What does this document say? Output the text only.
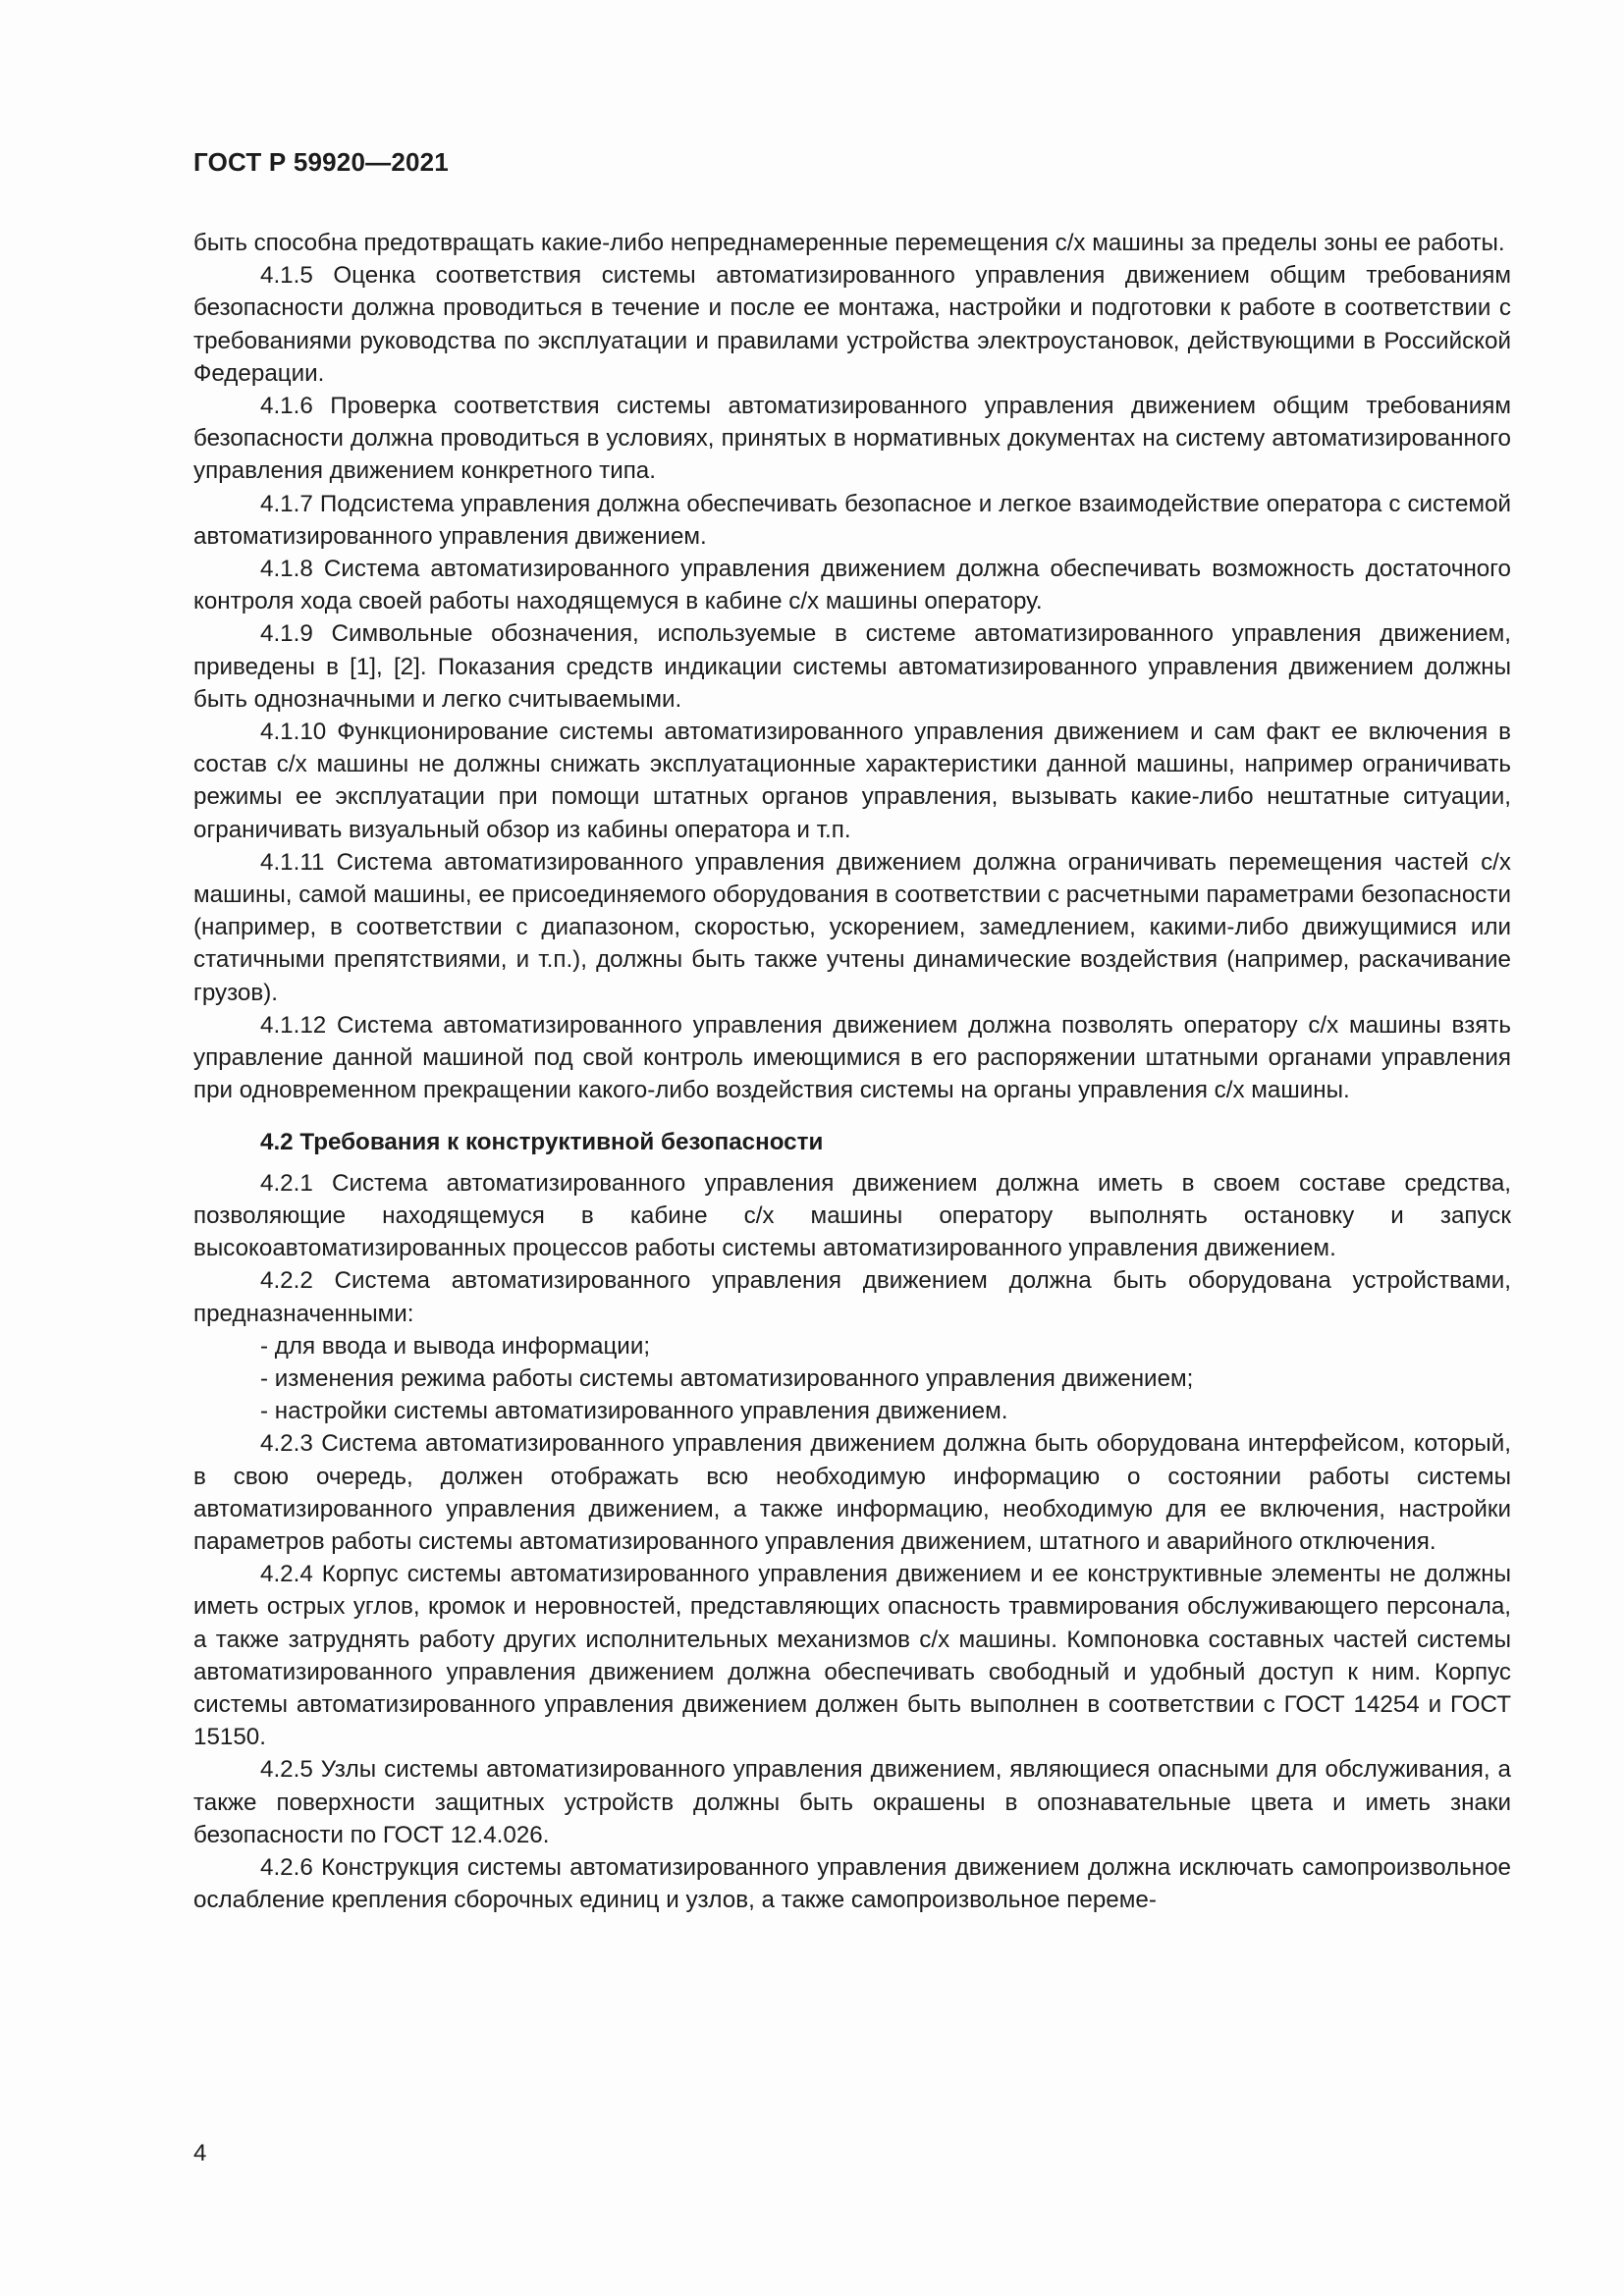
ГОСТ Р 59920—2021

быть способна предотвращать какие-либо непреднамеренные перемещения с/х машины за пределы зоны ее работы.

4.1.5 Оценка соответствия системы автоматизированного управления движением общим требованиям безопасности должна проводиться в течение и после ее монтажа, настройки и подготовки к работе в соответствии с требованиями руководства по эксплуатации и правилами устройства электроустановок, действующими в Российской Федерации.

4.1.6 Проверка соответствия системы автоматизированного управления движением общим требованиям безопасности должна проводиться в условиях, принятых в нормативных документах на систему автоматизированного управления движением конкретного типа.

4.1.7 Подсистема управления должна обеспечивать безопасное и легкое взаимодействие оператора с системой автоматизированного управления движением.

4.1.8 Система автоматизированного управления движением должна обеспечивать возможность достаточного контроля хода своей работы находящемуся в кабине с/х машины оператору.

4.1.9 Символьные обозначения, используемые в системе автоматизированного управления движением, приведены в [1], [2]. Показания средств индикации системы автоматизированного управления движением должны быть однозначными и легко считываемыми.

4.1.10 Функционирование системы автоматизированного управления движением и сам факт ее включения в состав с/х машины не должны снижать эксплуатационные характеристики данной машины, например ограничивать режимы ее эксплуатации при помощи штатных органов управления, вызывать какие-либо нештатные ситуации, ограничивать визуальный обзор из кабины оператора и т.п.

4.1.11 Система автоматизированного управления движением должна ограничивать перемещения частей с/х машины, самой машины, ее присоединяемого оборудования в соответствии с расчетными параметрами безопасности (например, в соответствии с диапазоном, скоростью, ускорением, замедлением, какими-либо движущимися или статичными препятствиями, и т.п.), должны быть также учтены динамические воздействия (например, раскачивание грузов).

4.1.12 Система автоматизированного управления движением должна позволять оператору с/х машины взять управление данной машиной под свой контроль имеющимися в его распоряжении штатными органами управления при одновременном прекращении какого-либо воздействия системы на органы управления с/х машины.

4.2 Требования к конструктивной безопасности

4.2.1 Система автоматизированного управления движением должна иметь в своем составе средства, позволяющие находящемуся в кабине с/х машины оператору выполнять остановку и запуск высокоавтоматизированных процессов работы системы автоматизированного управления движением.

4.2.2 Система автоматизированного управления движением должна быть оборудована устройствами, предназначенными:

- для ввода и вывода информации;

- изменения режима работы системы автоматизированного управления движением;

- настройки системы автоматизированного управления движением.

4.2.3 Система автоматизированного управления движением должна быть оборудована интерфейсом, который, в свою очередь, должен отображать всю необходимую информацию о состоянии работы системы автоматизированного управления движением, а также информацию, необходимую для ее включения, настройки параметров работы системы автоматизированного управления движением, штатного и аварийного отключения.

4.2.4 Корпус системы автоматизированного управления движением и ее конструктивные элементы не должны иметь острых углов, кромок и неровностей, представляющих опасность травмирования обслуживающего персонала, а также затруднять работу других исполнительных механизмов с/х машины. Компоновка составных частей системы автоматизированного управления движением должна обеспечивать свободный и удобный доступ к ним. Корпус системы автоматизированного управления движением должен быть выполнен в соответствии с ГОСТ 14254 и ГОСТ 15150.

4.2.5 Узлы системы автоматизированного управления движением, являющиеся опасными для обслуживания, а также поверхности защитных устройств должны быть окрашены в опознавательные цвета и иметь знаки безопасности по ГОСТ 12.4.026.

4.2.6 Конструкция системы автоматизированного управления движением должна исключать самопроизвольное ослабление крепления сборочных единиц и узлов, а также самопроизвольное переме-

4
